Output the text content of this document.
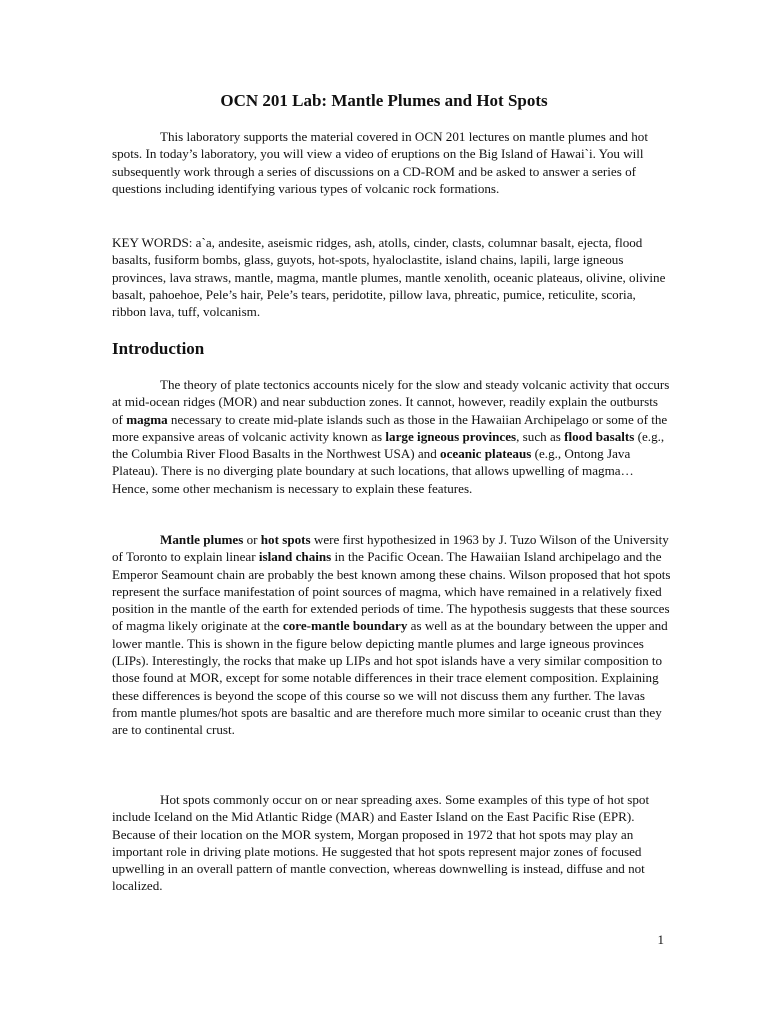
OCN 201 Lab: Mantle Plumes and Hot Spots

This laboratory supports the material covered in OCN 201 lectures on mantle plumes and hot spots. In today’s laboratory, you will view a video of eruptions on the Big Island of Hawai`i. You will subsequently work through a series of discussions on a CD-ROM and be asked to answer a series of questions including identifying various types of volcanic rock formations.

KEY WORDS: a`a, andesite, aseismic ridges, ash, atolls, cinder, clasts, columnar basalt, ejecta, flood basalts, fusiform bombs, glass, guyots, hot-spots, hyaloclastite, island chains, lapili, large igneous provinces, lava straws, mantle, magma, mantle plumes, mantle xenolith, oceanic plateaus, olivine, olivine basalt, pahoehoe, Pele’s hair, Pele’s tears, peridotite, pillow lava, phreatic, pumice, reticulite, scoria, ribbon lava, tuff, volcanism.

Introduction

The theory of plate tectonics accounts nicely for the slow and steady volcanic activity that occurs at mid-ocean ridges (MOR) and near subduction zones. It cannot, however, readily explain the outbursts of magma necessary to create mid-plate islands such as those in the Hawaiian Archipelago or some of the more expansive areas of volcanic activity known as large igneous provinces, such as flood basalts (e.g., the Columbia River Flood Basalts in the Northwest USA) and oceanic plateaus (e.g., Ontong Java Plateau). There is no diverging plate boundary at such locations, that allows upwelling of magma… Hence, some other mechanism is necessary to explain these features.

Mantle plumes or hot spots were first hypothesized in 1963 by J. Tuzo Wilson of the University of Toronto to explain linear island chains in the Pacific Ocean. The Hawaiian Island archipelago and the Emperor Seamount chain are probably the best known among these chains. Wilson proposed that hot spots represent the surface manifestation of point sources of magma, which have remained in a relatively fixed position in the mantle of the earth for extended periods of time. The hypothesis suggests that these sources of magma likely originate at the core-mantle boundary as well as at the boundary between the upper and lower mantle. This is shown in the figure below depicting mantle plumes and large igneous provinces (LIPs). Interestingly, the rocks that make up LIPs and hot spot islands have a very similar composition to those found at MOR, except for some notable differences in their trace element composition. Explaining these differences is beyond the scope of this course so we will not discuss them any further. The lavas from mantle plumes/hot spots are basaltic and are therefore much more similar to oceanic crust than they are to continental crust.

Hot spots commonly occur on or near spreading axes. Some examples of this type of hot spot include Iceland on the Mid Atlantic Ridge (MAR) and Easter Island on the East Pacific Rise (EPR). Because of their location on the MOR system, Morgan proposed in 1972 that hot spots may play an important role in driving plate motions. He suggested that hot spots represent major zones of focused upwelling in an overall pattern of mantle convection, whereas downwelling is instead, diffuse and not localized.

1
